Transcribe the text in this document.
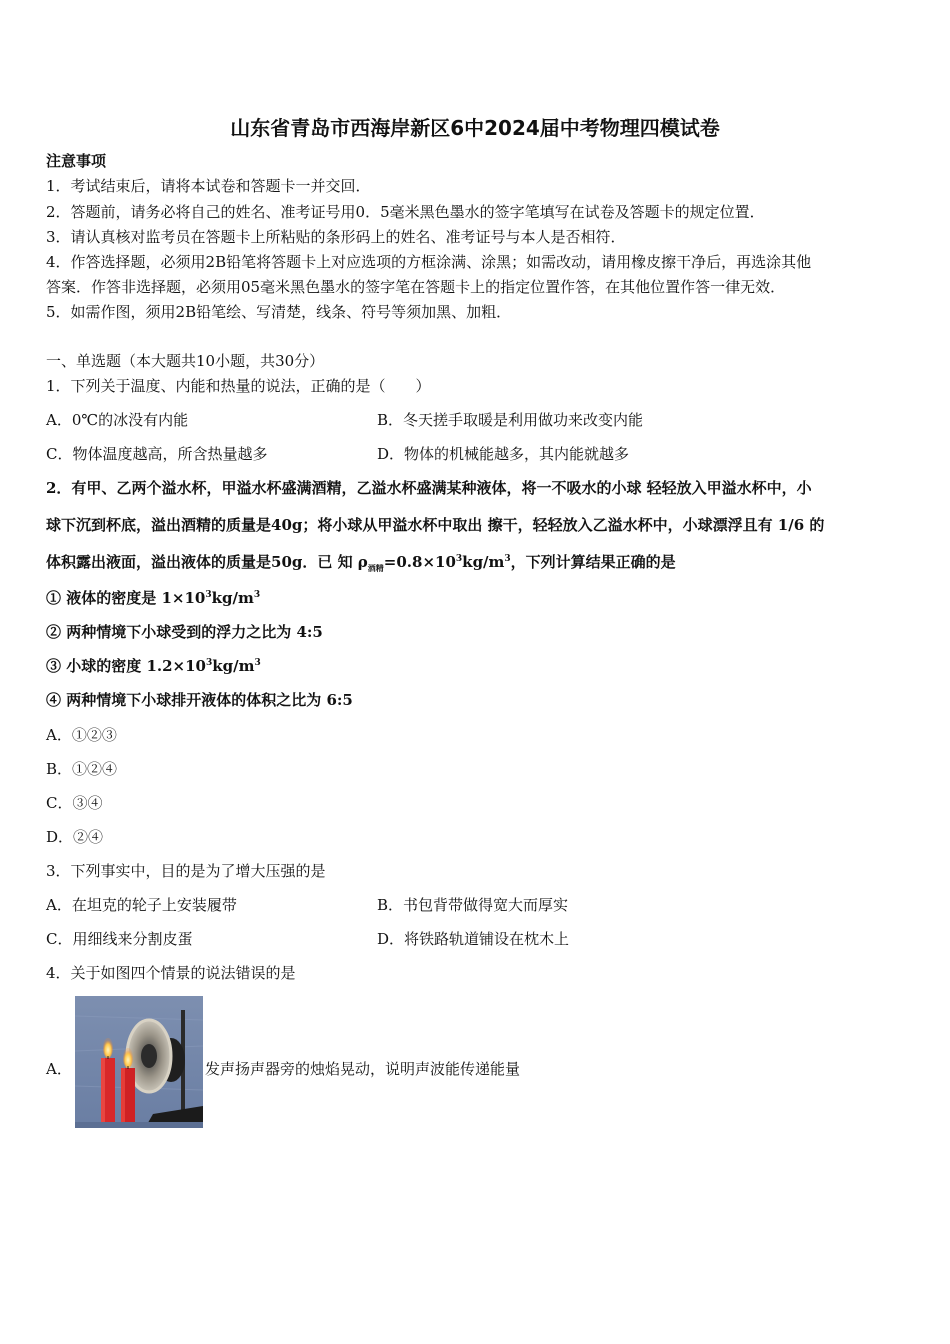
山东省青岛市西海岸新区6中2024届中考物理四模试卷
注意事项
1．考试结束后，请将本试卷和答题卡一并交回．
2．答题前，请务必将自己的姓名、准考证号用0．5毫米黑色墨水的签字笔填写在试卷及答题卡的规定位置．
3．请认真核对监考员在答题卡上所粘贴的条形码上的姓名、准考证号与本人是否相符．
4．作答选择题，必须用2B铅笔将答题卡上对应选项的方框涂满、涂黑；如需改动，请用橡皮擦干净后，再选涂其他
答案．作答非选择题，必须用05毫米黑色墨水的签字笔在答题卡上的指定位置作答，在其他位置作答一律无效．
5．如需作图，须用2B铅笔绘、写清楚，线条、符号等须加黑、加粗．
一、单选题（本大题共10小题，共30分）
1．下列关于温度、内能和热量的说法，正确的是（　　）
A．0℃的冰没有内能	B．冬天搓手取暖是利用做功来改变内能
C．物体温度越高，所含热量越多	D．物体的机械能越多，其内能就越多
2．有甲、乙两个溢水杯，甲溢水杯盛满酒精，乙溢水杯盛满某种液体，将一不吸水的小球 轻轻放入甲溢水杯中，小
球下沉到杯底，溢出酒精的质量是40g；将小球从甲溢水杯中取出 擦干，轻轻放入乙溢水杯中，小球漂浮且有 1/6 的
体积露出液面，溢出液体的质量是50g．已 知 $\rho_{酒精}=0.8\times 10^3kg/m^3$，下列计算结果正确的是
① 液体的密度是 $1\times 10^3kg/m^3$
② 两种情境下小球受到的浮力之比为 4:5
③ 小球的密度 $1.2\times 10^3kg/m^3$
④ 两种情境下小球排开液体的体积之比为 6:5
A．①②③
B．①②④
C．③④
D．②④
3．下列事实中，目的是为了增大压强的是
A．在坦克的轮子上安装履带	B．书包背带做得宽大而厚实
C．用细线来分割皮蛋	D．将铁路轨道铺设在枕木上
4．关于如图四个情景的说法错误的是
A．	发声扬声器旁的烛焰晃动，说明声波能传递能量
